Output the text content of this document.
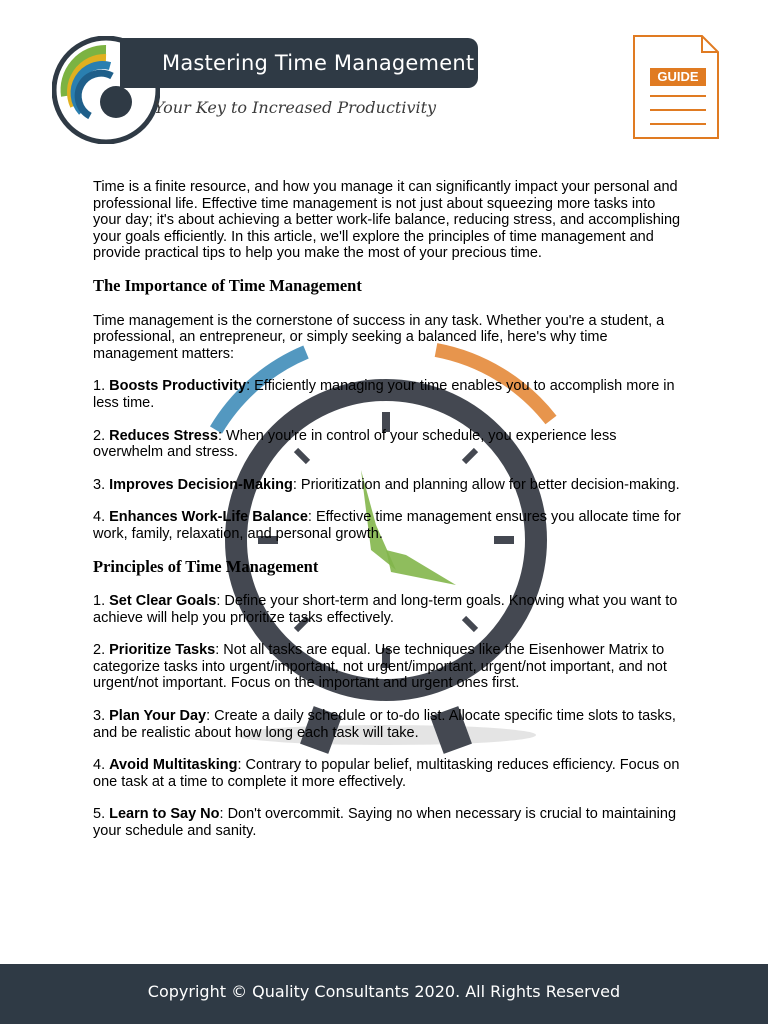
Mastering Time Management
Your Key to Increased Productivity
GUIDE

Time is a finite resource, and how you manage it can significantly impact your personal and professional life. Effective time management is not just about squeezing more tasks into your day; it's about achieving a better work-life balance, reducing stress, and accomplishing your goals efficiently. In this article, we'll explore the principles of time management and provide practical tips to help you make the most of your precious time.

The Importance of Time Management

Time management is the cornerstone of success in any task. Whether you're a student, a professional, an entrepreneur, or simply seeking a balanced life, here's why time management matters:

1. Boosts Productivity: Efficiently managing your time enables you to accomplish more in less time.

2. Reduces Stress: When you're in control of your schedule, you experience less overwhelm and stress.

3. Improves Decision-Making: Prioritization and planning allow for better decision-making.

4. Enhances Work-Life Balance: Effective time management ensures you allocate time for work, family, relaxation, and personal growth.

Principles of Time Management

1. Set Clear Goals: Define your short-term and long-term goals. Knowing what you want to achieve will help you prioritize tasks effectively.

2. Prioritize Tasks: Not all tasks are equal. Use techniques like the Eisenhower Matrix to categorize tasks into urgent/important, not urgent/important, urgent/not important, and not urgent/not important. Focus on the important and urgent ones first.

3. Plan Your Day: Create a daily schedule or to-do list. Allocate specific time slots to tasks, and be realistic about how long each task will take.

4. Avoid Multitasking: Contrary to popular belief, multitasking reduces efficiency. Focus on one task at a time to complete it more effectively.

5. Learn to Say No: Don't overcommit. Saying no when necessary is crucial to maintaining your schedule and sanity.

Copyright © Quality Consultants 2020. All Rights Reserved
